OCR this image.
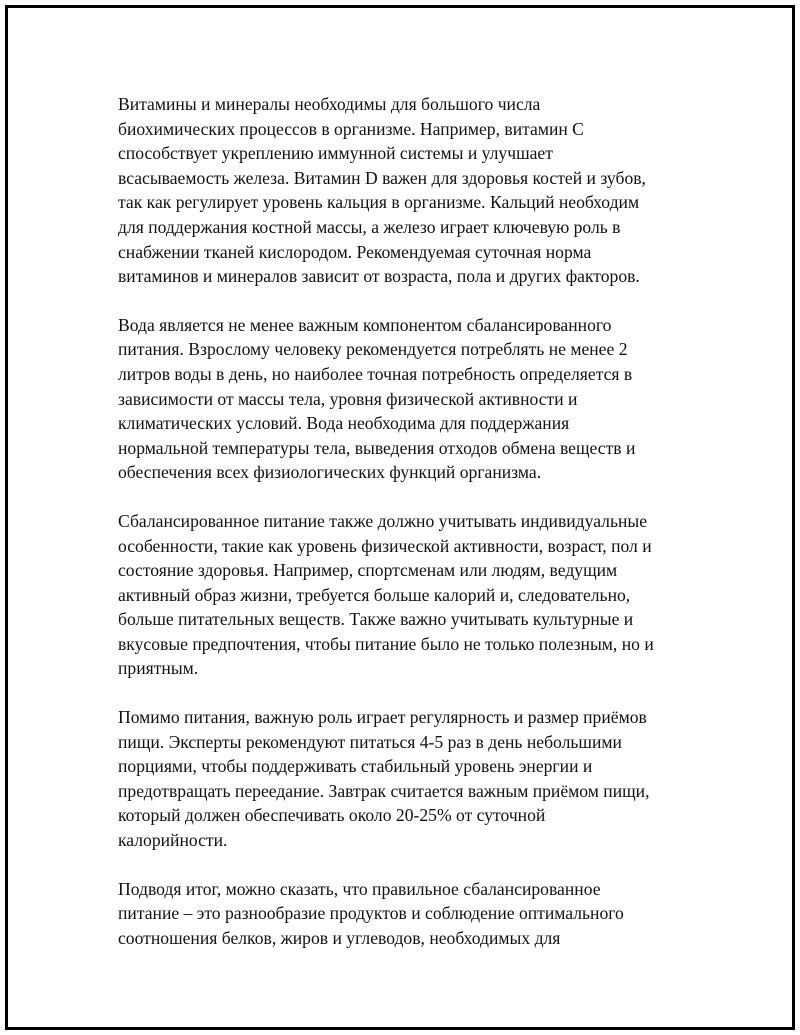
Витамины и минералы необходимы для большого числа
биохимических процессов в организме. Например, витамин C
способствует укреплению иммунной системы и улучшает
всасываемость железа. Витамин D важен для здоровья костей и зубов,
так как регулирует уровень кальция в организме. Кальций необходим
для поддержания костной массы, а железо играет ключевую роль в
снабжении тканей кислородом. Рекомендуемая суточная норма
витаминов и минералов зависит от возраста, пола и других факторов.

Вода является не менее важным компонентом сбалансированного
питания. Взрослому человеку рекомендуется потреблять не менее 2
литров воды в день, но наиболее точная потребность определяется в
зависимости от массы тела, уровня физической активности и
климатических условий. Вода необходима для поддержания
нормальной температуры тела, выведения отходов обмена веществ и
обеспечения всех физиологических функций организма.

Сбалансированное питание также должно учитывать индивидуальные
особенности, такие как уровень физической активности, возраст, пол и
состояние здоровья. Например, спортсменам или людям, ведущим
активный образ жизни, требуется больше калорий и, следовательно,
больше питательных веществ. Также важно учитывать культурные и
вкусовые предпочтения, чтобы питание было не только полезным, но и
приятным.

Помимо питания, важную роль играет регулярность и размер приёмов
пищи. Эксперты рекомендуют питаться 4-5 раз в день небольшими
порциями, чтобы поддерживать стабильный уровень энергии и
предотвращать переедание. Завтрак считается важным приёмом пищи,
который должен обеспечивать около 20-25% от суточной
калорийности.

Подводя итог, можно сказать, что правильное сбалансированное
питание – это разнообразие продуктов и соблюдение оптимального
соотношения белков, жиров и углеводов, необходимых для
